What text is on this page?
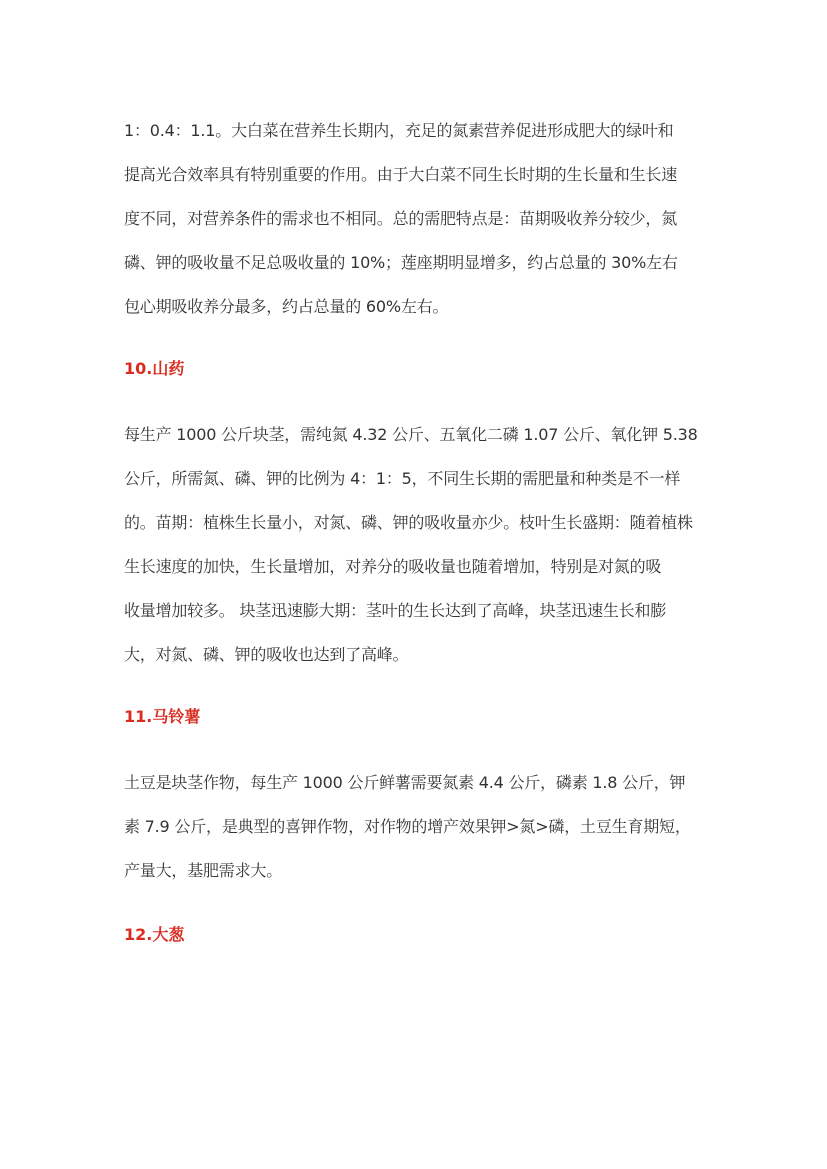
1：0.4：1.1。大白菜在营养生长期内，充足的氮素营养促进形成肥大的绿叶和
提高光合效率具有特别重要的作用。由于大白菜不同生长时期的生长量和生长速
度不同，对营养条件的需求也不相同。总的需肥特点是：苗期吸收养分较少，氮
磷、钾的吸收量不足总吸收量的 10%；莲座期明显增多，约占总量的 30%左右
包心期吸收养分最多，约占总量的 60%左右。
10.山药
每生产 1000 公斤块茎，需纯氮 4.32 公斤、五氧化二磷 1.07 公斤、氧化钾 5.38
公斤，所需氮、磷、钾的比例为 4：1：5，不同生长期的需肥量和种类是不一样
的。苗期：植株生长量小，对氮、磷、钾的吸收量亦少。枝叶生长盛期：随着植株
生长速度的加快，生长量增加，对养分的吸收量也随着增加，特别是对氮的吸
收量增加较多。 块茎迅速膨大期：茎叶的生长达到了高峰，块茎迅速生长和膨
大，对氮、磷、钾的吸收也达到了高峰。
11.马铃薯
土豆是块茎作物，每生产 1000 公斤鲜薯需要氮素 4.4 公斤，磷素 1.8 公斤，钾
素 7.9 公斤，是典型的喜钾作物，对作物的增产效果钾>氮>磷，土豆生育期短，
产量大，基肥需求大。
12.大葱
